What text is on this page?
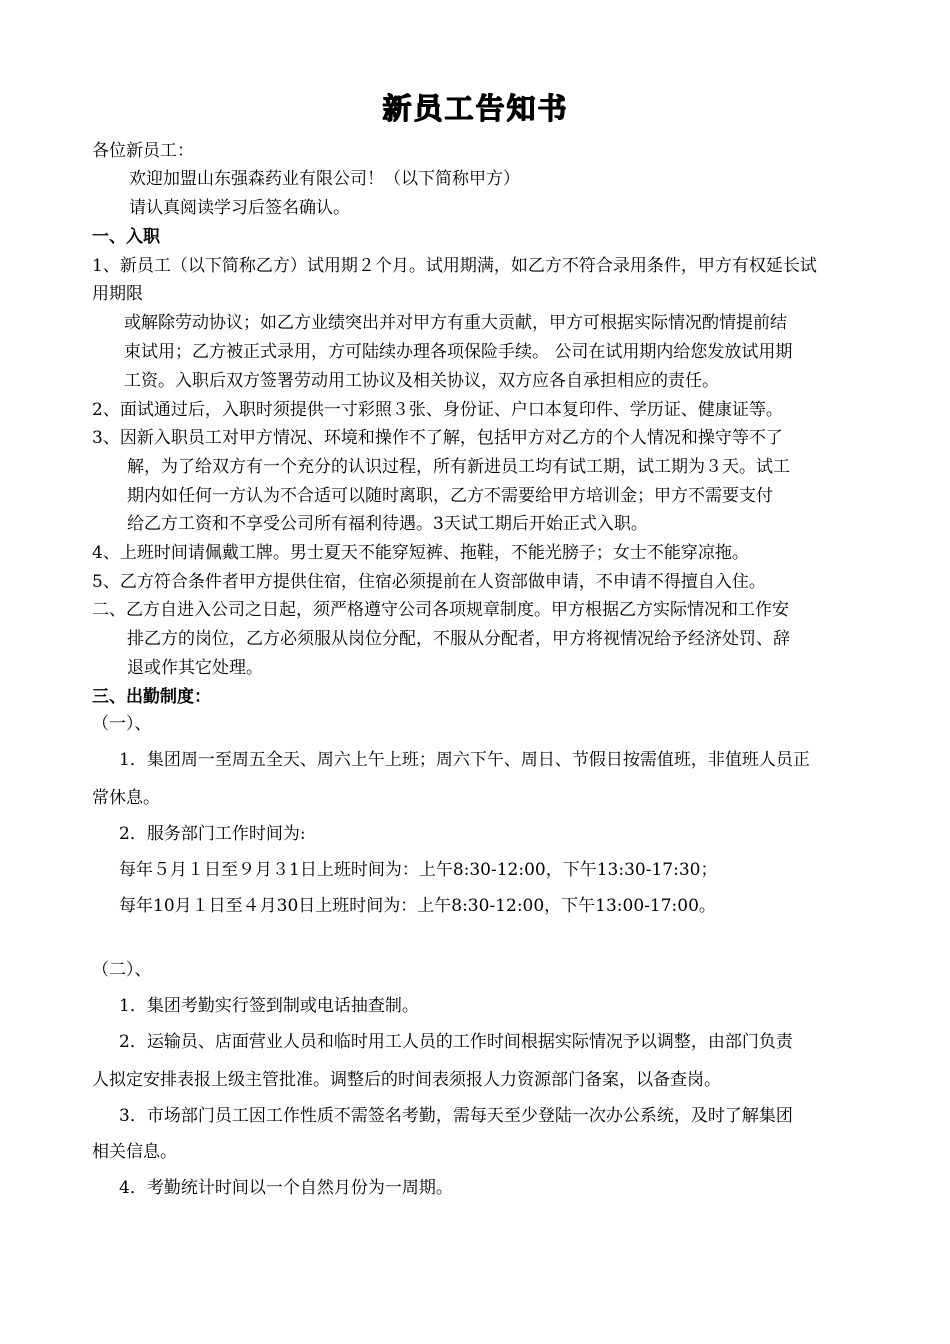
新员工告知书
各位新员工：
欢迎加盟山东强森药业有限公司！（以下简称甲方）
请认真阅读学习后签名确认。
一、入职
1、新员工（以下简称乙方）试用期２个月。试用期满，如乙方不符合录用条件，甲方有权延长试
用期限
或解除劳动协议；如乙方业绩突出并对甲方有重大贡献，甲方可根据实际情况酌情提前结
束试用；乙方被正式录用，方可陆续办理各项保险手续。 公司在试用期内给您发放试用期
工资。入职后双方签署劳动用工协议及相关协议，双方应各自承担相应的责任。
2、面试通过后，入职时须提供一寸彩照３张、身份证、户口本复印件、学历证、健康证等。
3、因新入职员工对甲方情况、环境和操作不了解，包括甲方对乙方的个人情况和操守等不了
解，为了给双方有一个充分的认识过程，所有新进员工均有试工期，试工期为３天。试工
期内如任何一方认为不合适可以随时离职，乙方不需要给甲方培训金；甲方不需要支付
给乙方工资和不享受公司所有福利待遇。3天试工期后开始正式入职。
4、上班时间请佩戴工牌。男士夏天不能穿短裤、拖鞋，不能光膀子；女士不能穿凉拖。
5、乙方符合条件者甲方提供住宿，住宿必须提前在人资部做申请，不申请不得擅自入住。
二、乙方自进入公司之日起，须严格遵守公司各项规章制度。甲方根据乙方实际情况和工作安
排乙方的岗位，乙方必须服从岗位分配，不服从分配者，甲方将视情况给予经济处罚、辞
退或作其它处理。
三、出勤制度：
（一）、
1．集团周一至周五全天、周六上午上班；周六下午、周日、节假日按需值班，非值班人员正
常休息。
2．服务部门工作时间为:
每年５月１日至９月３1日上班时间为：上午8:30-12:00，下午13:30-17:30；
每年10月１日至４月30日上班时间为：上午8:30-12:00，下午13:00-17:00。
（二）、
1．集团考勤实行签到制或电话抽查制。
2．运输员、店面营业人员和临时用工人员的工作时间根据实际情况予以调整，由部门负责
人拟定安排表报上级主管批准。调整后的时间表须报人力资源部门备案，以备查岗。
3．市场部门员工因工作性质不需签名考勤，需每天至少登陆一次办公系统，及时了解集团
相关信息。
4．考勤统计时间以一个自然月份为一周期。
